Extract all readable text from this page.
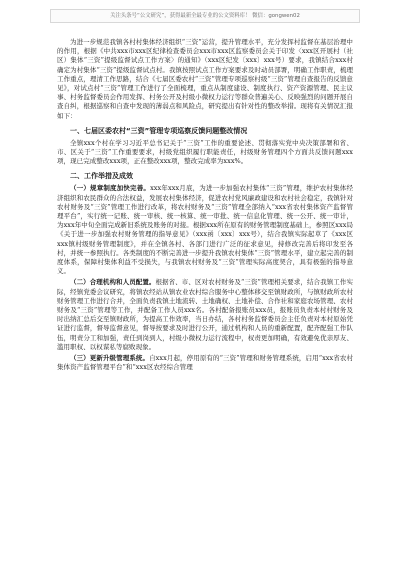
关注头条号“公文研究”，获得最新全最专业的公文资料库！ 微信：gongwen02

为进一步规范我镇各村村集体经济组织“三资”运营，提升管理水平，充分发挥村监督在基层治理中的作用，根据《中共xxx市xxx区纪律检查委员会xxx市xxx区监察委员会关于印发〈xxx区开展村（社区）集体“三资”提级监督试点工作方案〉的通知》（xxx区纪发〔xxx〕xxx号）要求，我镇结合xxx村确定为村集体“三资”提级监督试点村。我镇按照试点工作方案要求及时动员部署，明确工作职责，梳理工作重点，理清工作思路，结合《七届区委农村“三资”管理专项巡察村级“三资”管理自查报告的反馈意见》，对试点村“三资”管理工作进行了全面梳理，重点从制度建设、制度执行、资产资源管理、民主议事、村务监督委员会作用发挥、村务公开及村级小微权力运行等群众普遍关心、反映强烈的问题开展自查自纠，根据巡察和自查中发现的薄弱点和风险点，研究提出有针对性的整改举措。现将有关情况汇报如下：

一、七届区委农村“三资”管理专项巡察反馈问题整改情况

全镇xxx个村在学习习近平总书记关于“三资”工作的重要论述、贯彻落实党中央决策部署和省、市、区关于“三资”工作重要要求，村级党组织履行职能责任，村级财务管理四个方面共反馈问题xxx项，现已完成整改xxx项，正在整改xxx项，整改完成率为xxx%。

二、工作举措及成效

（一）规章制度加快完善。xxx年xxx月底，为进一步加强农村集体“三资”管理，维护农村集体经济组织和农民群众的合法权益，发展农村集体经济，促进农村党风廉政建设和农村社会稳定，我镇针对农村财务及“三资”管理工作进行改革，将农村财务及“三资”管理全部纳入“xxx省农村集体资产监督管理平台”，实行统一记账、统一审核、统一核算、统一审批、统一信息化管理、统一公开、统一审计，为xxx年中旬全面完成新旧系统及账务的对接。根据xxx所在原有的财务管理制度基础上，参照区xxx局《关于进一步加强农村财务管理的指导意见》（xxx函〔xxx〕xxx号），结合我镇实际起草了《xxx区xxx镇村级财务管理制度》，并在全镇各村、各部门进行广泛的征求意见，持修改完善后将印发至各村，并统一参照执行。各类制度的不断完善进一步提升我镇农村集体“三资”管理水平，建立起完善的制度体系，保障村集体利益不受损失，与我镇农村财务及“三资”管理实际高度契合，具有极强的指导意义。

（二）合理机构和人员配置。根据省、市、区对农村财务及“三资”管理相关要求，结合我镇工作实际，经镇党委会议研究，将镇农经站从镇农业农村综合服务中心整体移交至镇财政所，与镇财政所农村财务管理工作进行合并，全面负责我镇土地流转、土地确权、土地补偿、合作社和家庭农场管理、农村财务及“三资”管理等工作，并配备工作人员xxx名。各村配备报账员xxx员，报账员负责本村村财务及时出纳汇总后交至镇财政所，为提高工作效率，当日办结，各村村务监督委员会主任负责对本村原始凭证进行监督，督导监督意见，督导按要求及时进行公开，通过机构和人员的重新配置，配齐配强工作队伍，明责分工和加强，责任到岗到人，村级小微权力运行流程中，权责更加明确，有效避免优亲厚友、滥用职权、以权谋私等腐败现象。

（三）更新升级管理系统。自xxx月起，停用原有的“三资”管理和财务管理系统，启用“xxx省农村集体资产监督管理平台”和“xxx区农经综合管理
